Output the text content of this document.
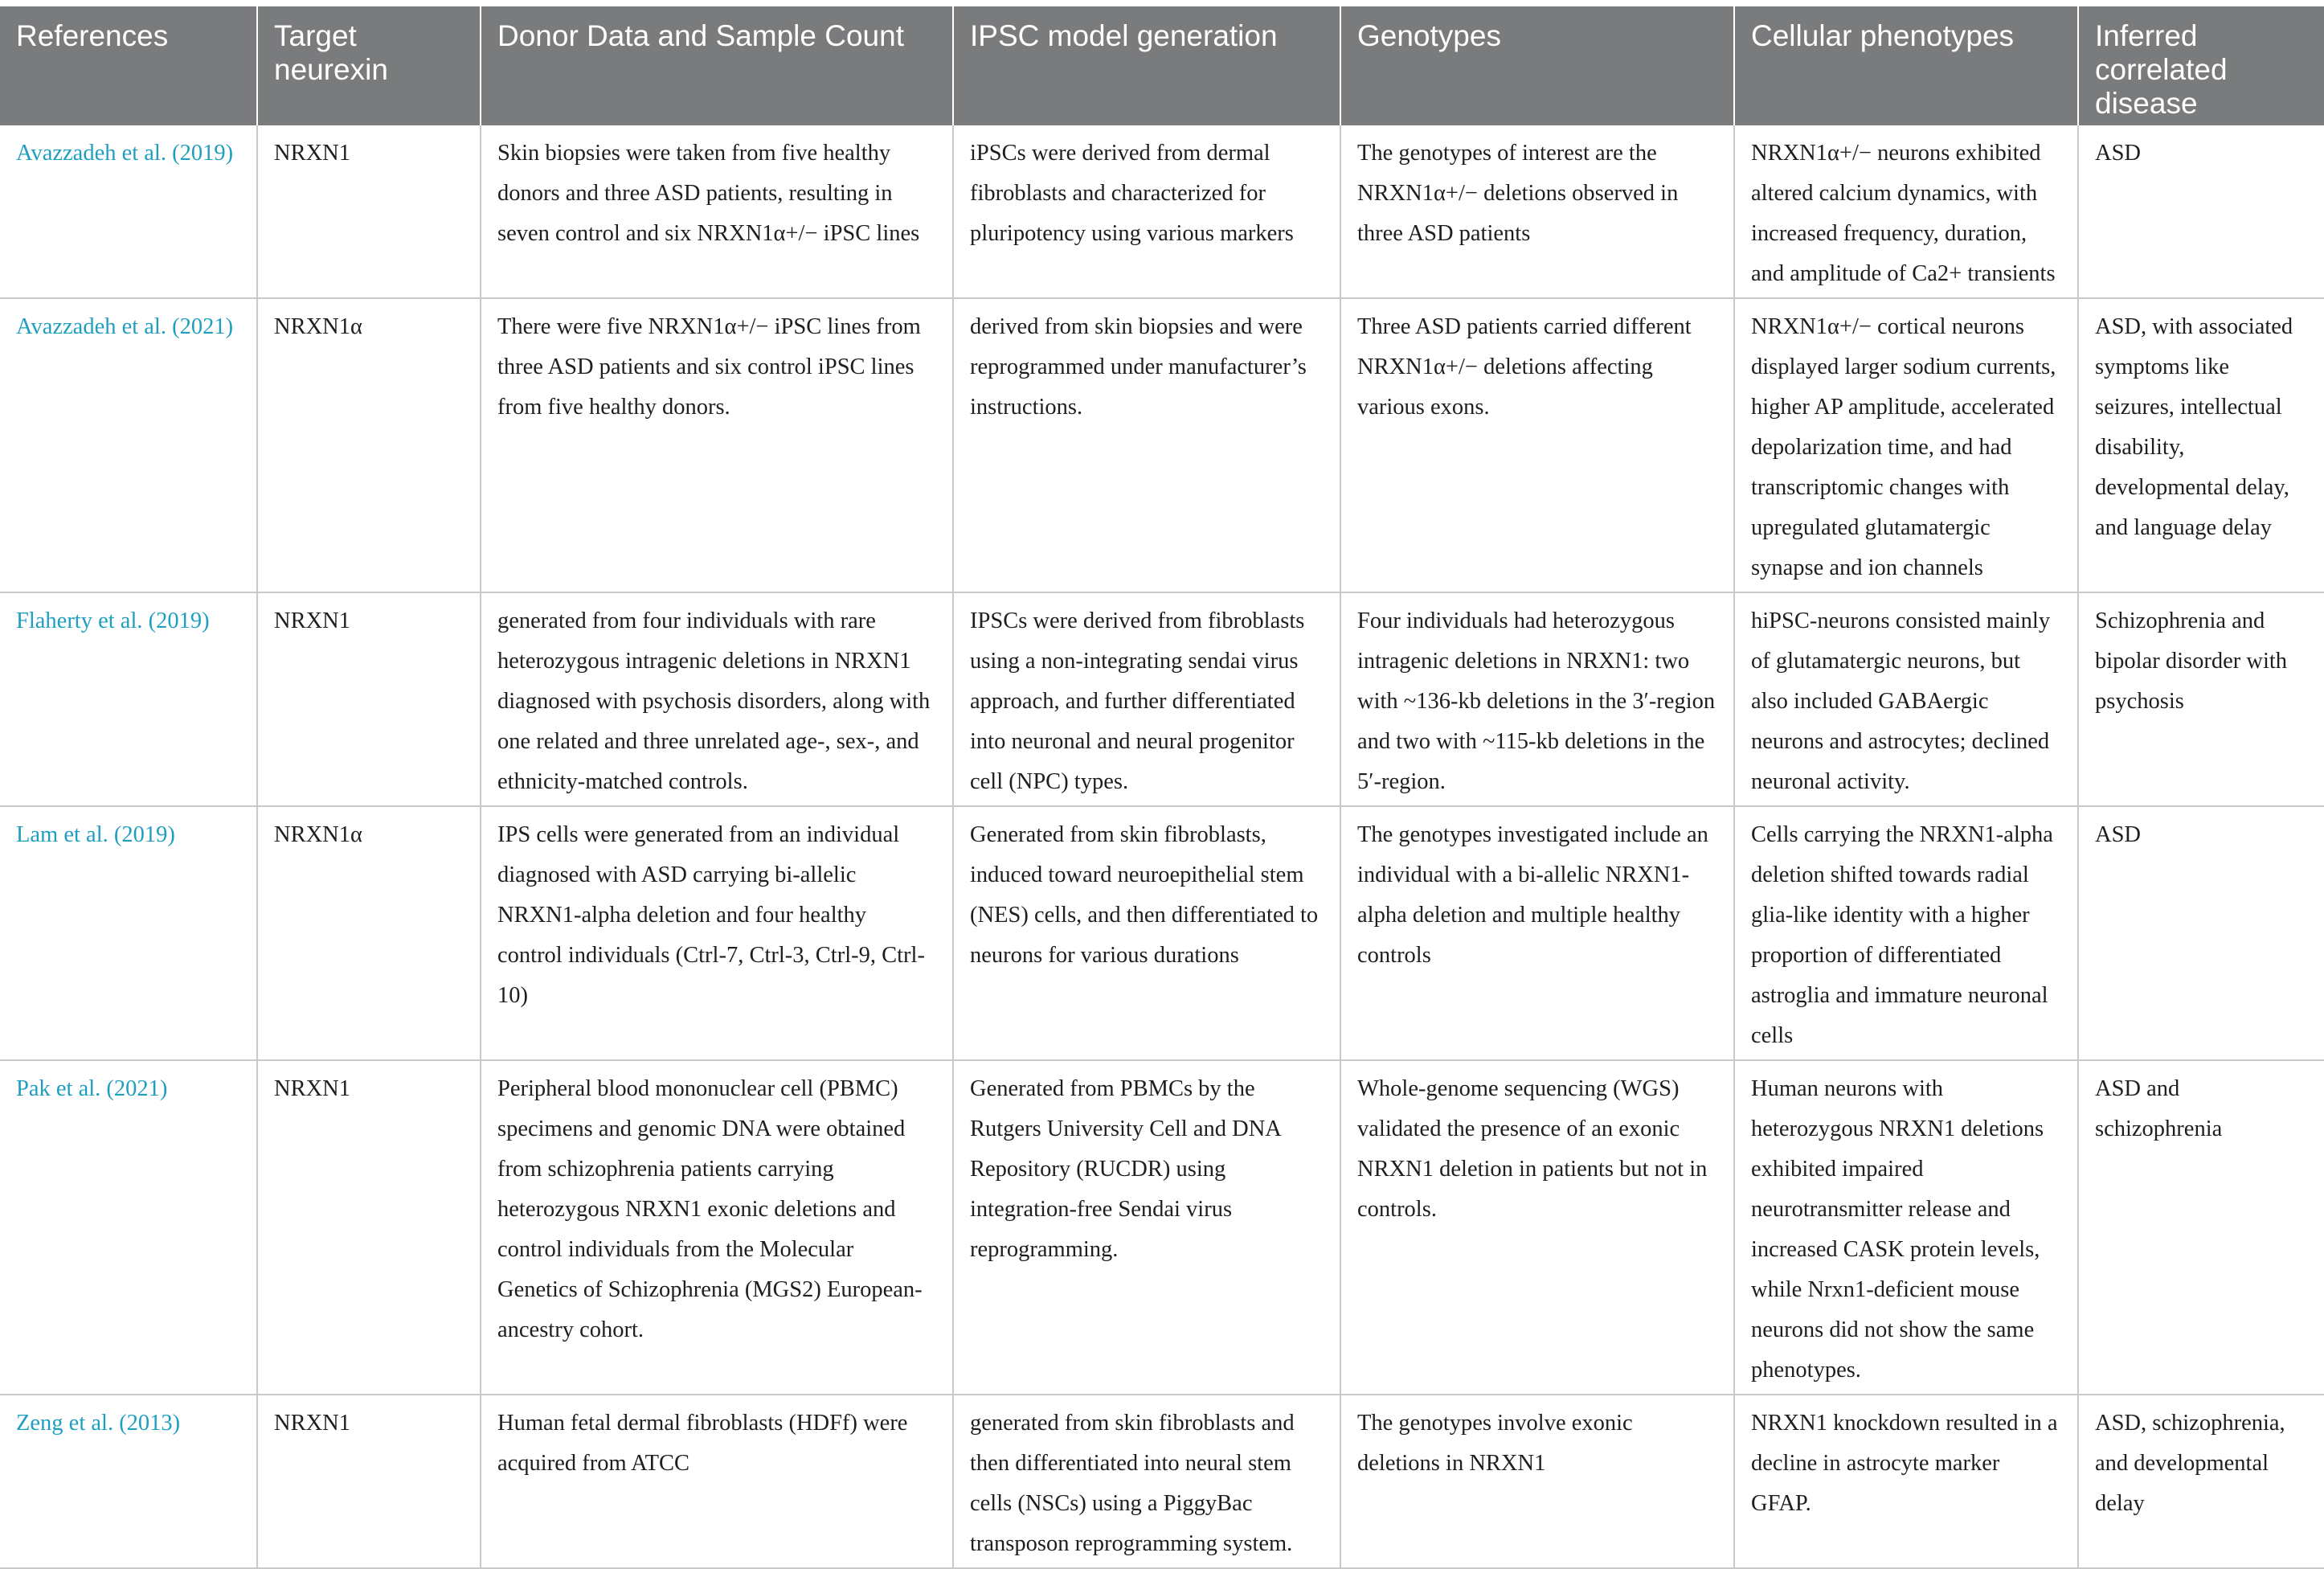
References	Target neurexin	Donor Data and Sample Count	IPSC model generation	Genotypes	Cellular phenotypes	Inferred correlated disease
Avazzadeh et al. (2019)	NRXN1	Skin biopsies were taken from five healthy donors and three ASD patients, resulting in seven control and six NRXN1α+/− iPSC lines	iPSCs were derived from dermal fibroblasts and characterized for pluripotency using various markers	The genotypes of interest are the NRXN1α+/− deletions observed in three ASD patients	NRXN1α+/− neurons exhibited altered calcium dynamics, with increased frequency, duration, and amplitude of Ca2+ transients	ASD
Avazzadeh et al. (2021)	NRXN1α	There were five NRXN1α+/− iPSC lines from three ASD patients and six control iPSC lines from five healthy donors.	derived from skin biopsies and were reprogrammed under manufacturer’s instructions.	Three ASD patients carried different NRXN1α+/− deletions affecting various exons.	NRXN1α+/− cortical neurons displayed larger sodium currents, higher AP amplitude, accelerated depolarization time, and had transcriptomic changes with upregulated glutamatergic synapse and ion channels	ASD, with associated symptoms like seizures, intellectual disability, developmental delay, and language delay
Flaherty et al. (2019)	NRXN1	generated from four individuals with rare heterozygous intragenic deletions in NRXN1 diagnosed with psychosis disorders, along with one related and three unrelated age-, sex-, and ethnicity-matched controls.	IPSCs were derived from fibroblasts using a non-integrating sendai virus approach, and further differentiated into neuronal and neural progenitor cell (NPC) types.	Four individuals had heterozygous intragenic deletions in NRXN1: two with ~136-kb deletions in the 3′-region and two with ~115-kb deletions in the 5′-region.	hiPSC-neurons consisted mainly of glutamatergic neurons, but also included GABAergic neurons and astrocytes; declined neuronal activity.	Schizophrenia and bipolar disorder with psychosis
Lam et al. (2019)	NRXN1α	IPS cells were generated from an individual diagnosed with ASD carrying bi-allelic NRXN1-alpha deletion and four healthy control individuals (Ctrl-7, Ctrl-3, Ctrl-9, Ctrl-10)	Generated from skin fibroblasts, induced toward neuroepithelial stem (NES) cells, and then differentiated to neurons for various durations	The genotypes investigated include an individual with a bi-allelic NRXN1-alpha deletion and multiple healthy controls	Cells carrying the NRXN1-alpha deletion shifted towards radial glia-like identity with a higher proportion of differentiated astroglia and immature neuronal cells	ASD
Pak et al. (2021)	NRXN1	Peripheral blood mononuclear cell (PBMC) specimens and genomic DNA were obtained from schizophrenia patients carrying heterozygous NRXN1 exonic deletions and control individuals from the Molecular Genetics of Schizophrenia (MGS2) European-ancestry cohort.	Generated from PBMCs by the Rutgers University Cell and DNA Repository (RUCDR) using integration-free Sendai virus reprogramming.	Whole-genome sequencing (WGS) validated the presence of an exonic NRXN1 deletion in patients but not in controls.	Human neurons with heterozygous NRXN1 deletions exhibited impaired neurotransmitter release and increased CASK protein levels, while Nrxn1-deficient mouse neurons did not show the same phenotypes.	ASD and schizophrenia
Zeng et al. (2013)	NRXN1	Human fetal dermal fibroblasts (HDFf) were acquired from ATCC	generated from skin fibroblasts and then differentiated into neural stem cells (NSCs) using a PiggyBac transposon reprogramming system.	The genotypes involve exonic deletions in NRXN1	NRXN1 knockdown resulted in a decline in astrocyte marker GFAP.	ASD, schizophrenia, and developmental delay
